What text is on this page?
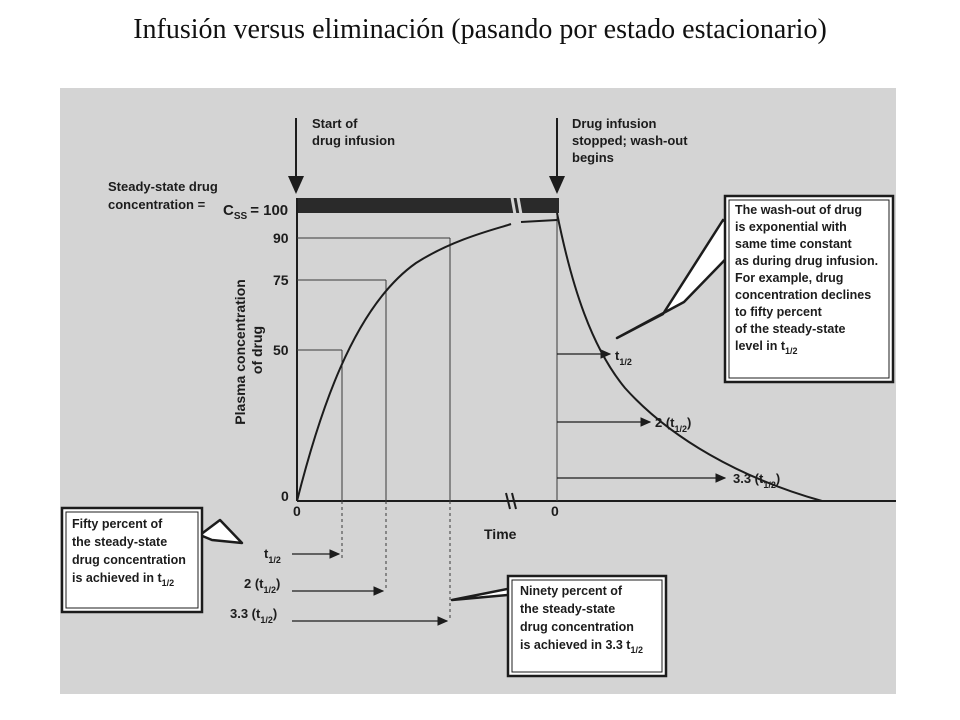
Infusión versus eliminación (pasando por estado estacionario)
Start of drug infusion
Drug infusion stopped; wash-out begins
Steady-state drug concentration =	$C_{SS} = 100$
90
75
50
0
Plasma concentration of drug
0	0
Time
$t_{1/2}$
2 $(t_{1/2})$
3.3 $(t_{1/2})$
$t_{1/2}$
2 $(t_{1/2})$
3.3 $(t_{1/2})$
The wash-out of drug is exponential with same time constant as during drug infusion. For example, drug concentration declines to fifty percent of the steady-state level in $t_{1/2}$
Fifty percent of the steady-state drug concentration is achieved in $t_{1/2}$
Ninety percent of the steady-state drug concentration is achieved in 3.3 $t_{1/2}$
